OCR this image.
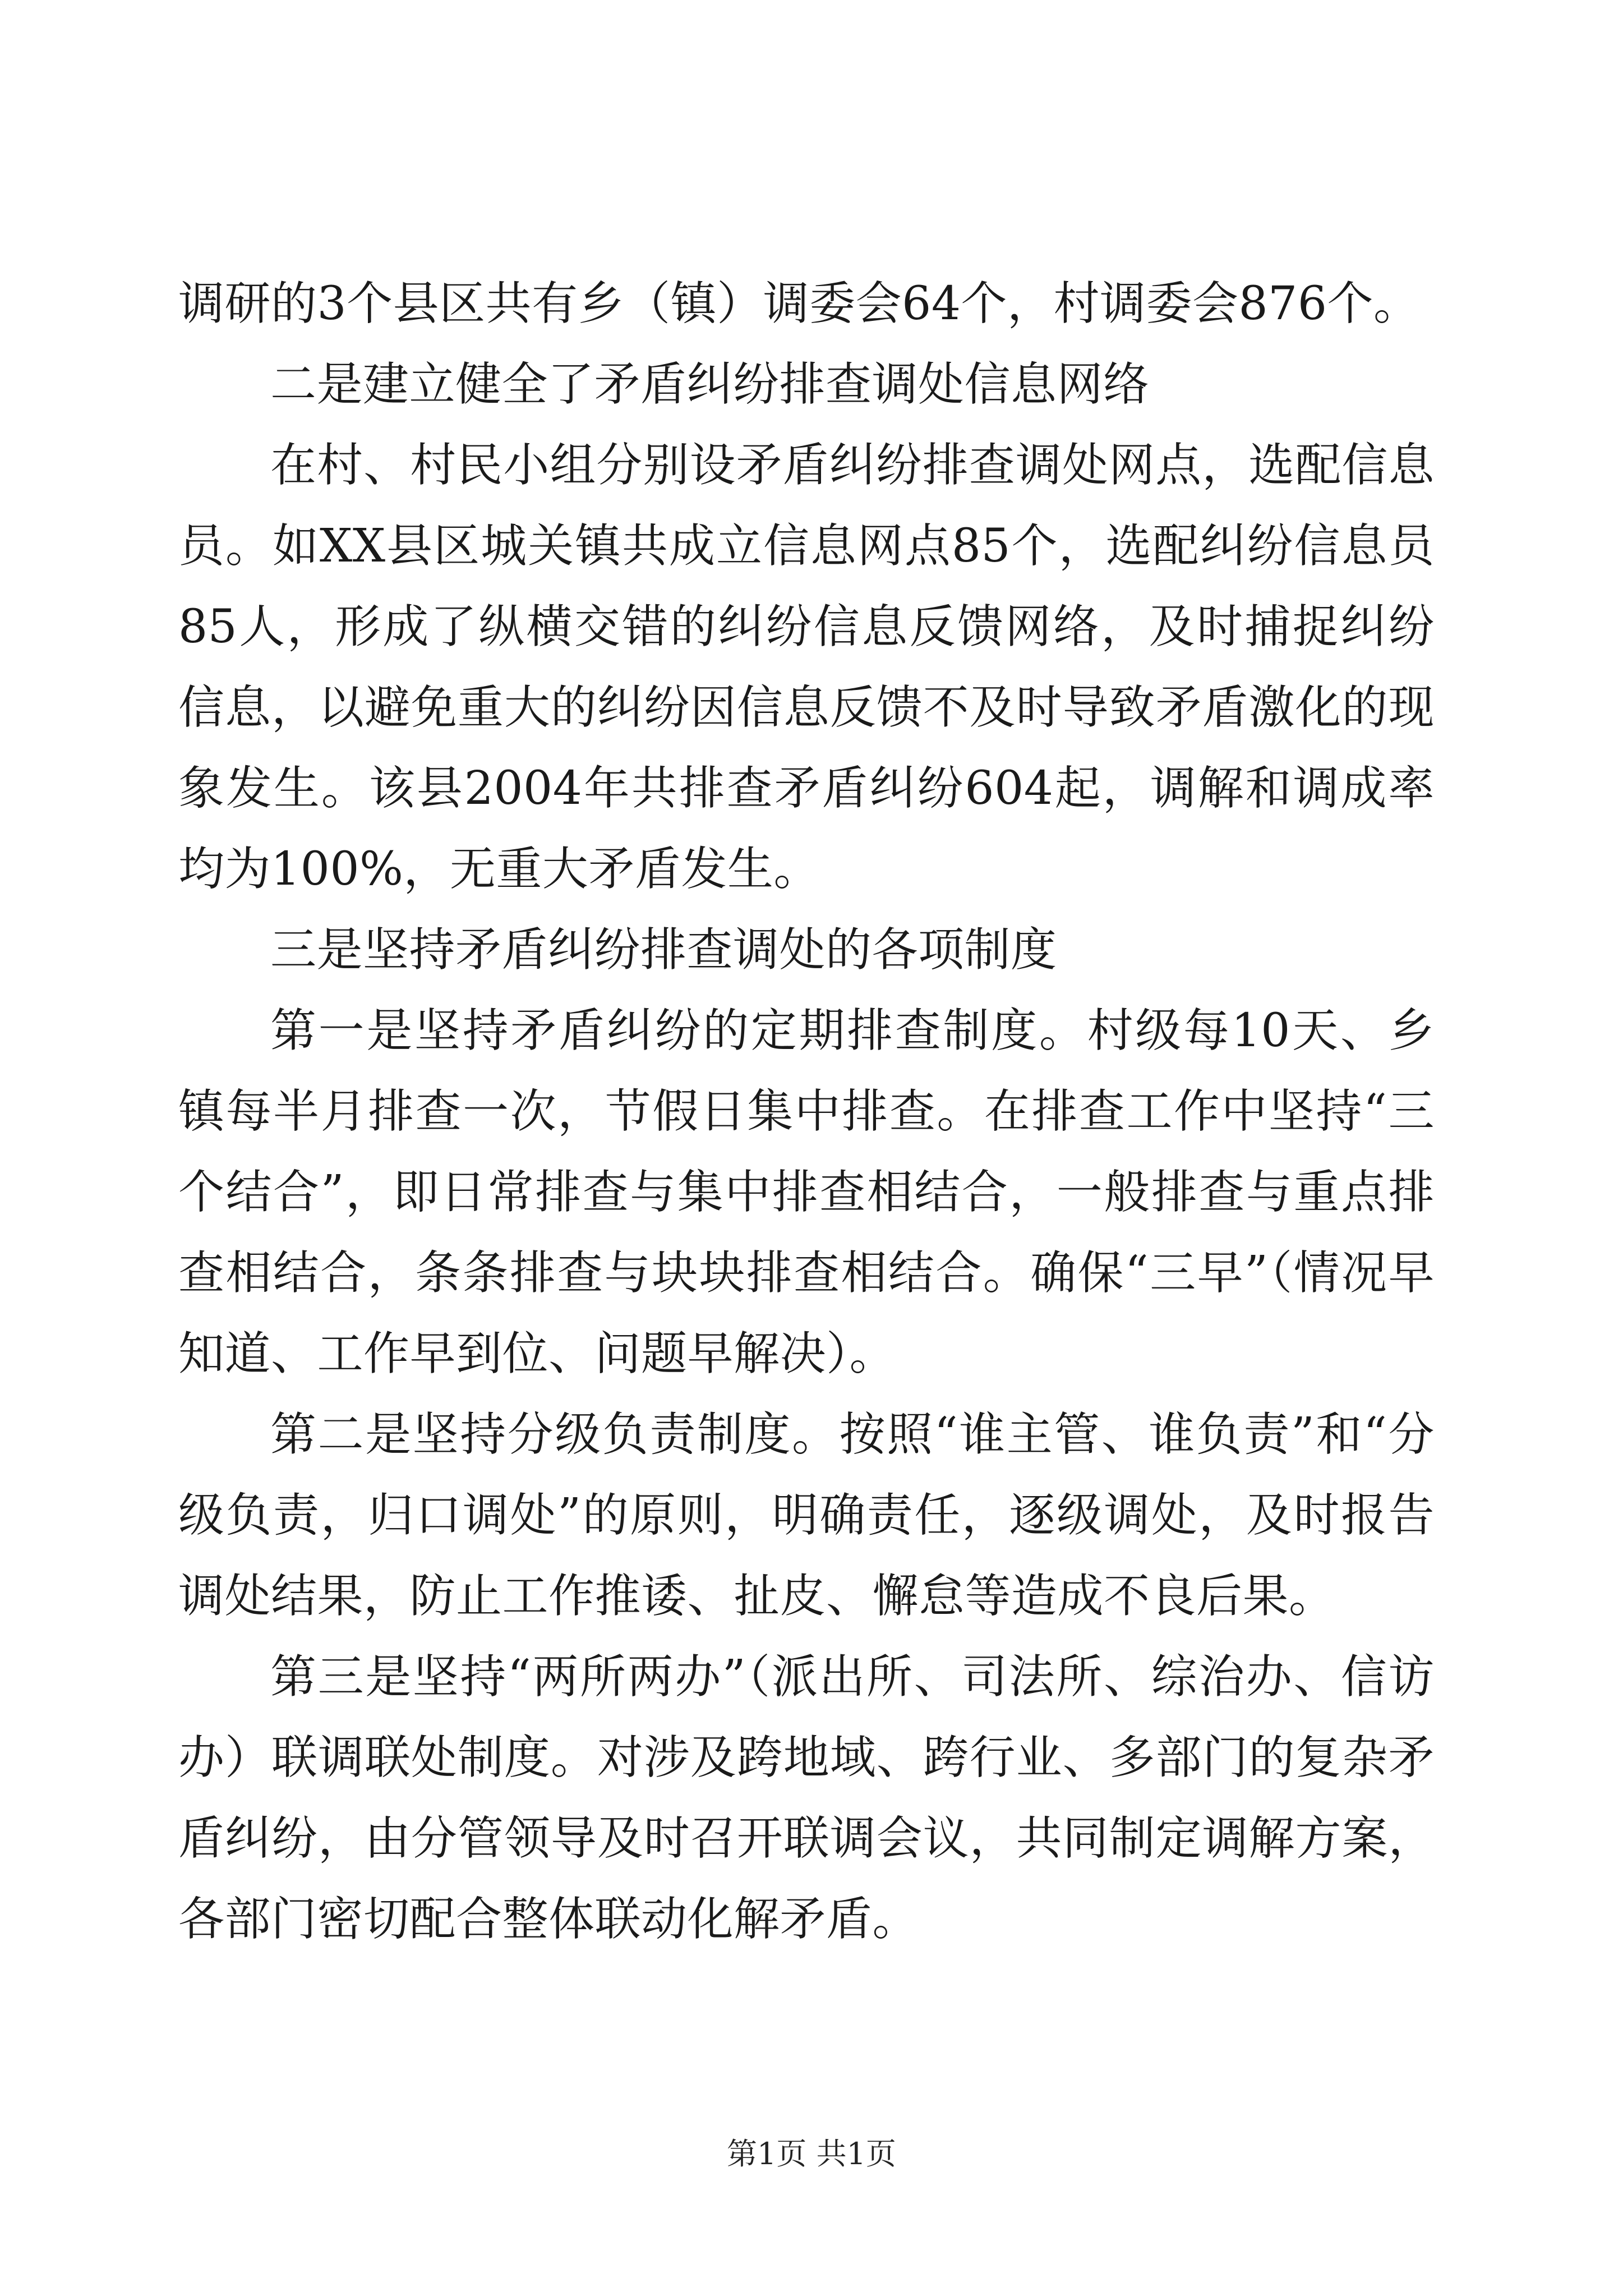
调研的3个县区共有乡（镇）调委会64个，村调委会876个。

二是建立健全了矛盾纠纷排查调处信息网络

在村、村民小组分别设矛盾纠纷排查调处网点，选配信息员。如XX县区城关镇共成立信息网点85个，选配纠纷信息员85人，形成了纵横交错的纠纷信息反馈网络，及时捕捉纠纷信息，以避免重大的纠纷因信息反馈不及时导致矛盾激化的现象发生。该县2004年共排查矛盾纠纷604起，调解和调成率均为100%，无重大矛盾发生。

三是坚持矛盾纠纷排查调处的各项制度

第一是坚持矛盾纠纷的定期排查制度。村级每10天、乡镇每半月排查一次，节假日集中排查。在排查工作中坚持“三个结合”，即日常排查与集中排查相结合，一般排查与重点排查相结合，条条排查与块块排查相结合。确保“三早”（情况早知道、工作早到位、问题早解决）。

第二是坚持分级负责制度。按照“谁主管、谁负责”和“分级负责，归口调处”的原则，明确责任，逐级调处，及时报告调处结果，防止工作推诿、扯皮、懈怠等造成不良后果。

第三是坚持“两所两办”（派出所、司法所、综治办、信访办）联调联处制度。对涉及跨地域、跨行业、多部门的复杂矛盾纠纷，由分管领导及时召开联调会议，共同制定调解方案，各部门密切配合整体联动化解矛盾。

第1页 共1页
